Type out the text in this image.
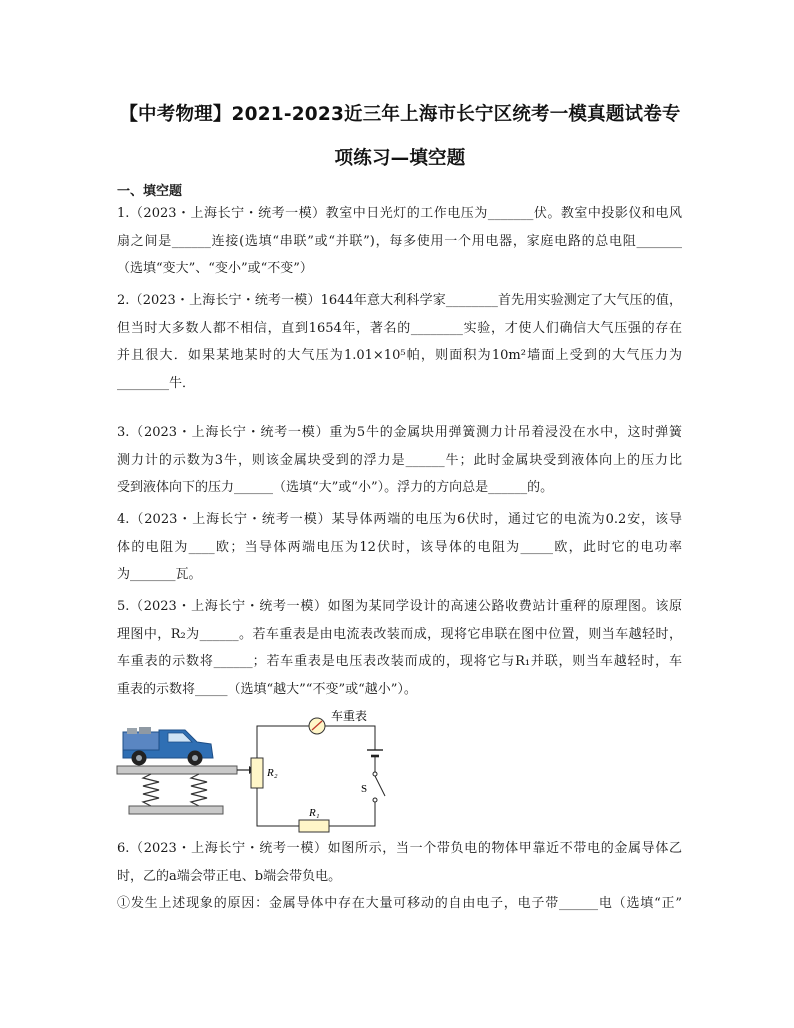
【中考物理】2021-2023近三年上海市长宁区统考一模真题试卷专
项练习—填空题
一、填空题
1.（2023・上海长宁・统考一模）教室中日光灯的工作电压为_______伏。教室中投影仪和电风
扇之间是______连接(选填“串联”或“并联”)，每多使用一个用电器，家庭电路的总电阻_______
（选填“变大”、“变小”或“不变”）
2.（2023・上海长宁・统考一模）1644年意大利科学家________首先用实验测定了大气压的值，
但当时大多数人都不相信，直到1654年，著名的________实验，才使人们确信大气压强的存在
并且很大．如果某地某时的大气压为1.01×10⁵帕，则面积为10m²墙面上受到的大气压力为
________牛．
3.（2023・上海长宁・统考一模）重为5牛的金属块用弹簧测力计吊着浸没在水中，这时弹簧
测力计的示数为3牛，则该金属块受到的浮力是______牛；此时金属块受到液体向上的压力比
受到液体向下的压力______（选填“大”或“小”）。浮力的方向总是______的。
4.（2023・上海长宁・统考一模）某导体两端的电压为6伏时，通过它的电流为0.2安，该导
体的电阻为____欧；当导体两端电压为12伏时，该导体的电阻为_____欧，此时它的电功率
为_______瓦。
5.（2023・上海长宁・统考一模）如图为某同学设计的高速公路收费站计重秤的原理图。该原
理图中，R₂为______。若车重表是由电流表改装而成，现将它串联在图中位置，则当车越轻时，
车重表的示数将______；若车重表是电压表改装而成的，现将它与R₁并联，则当车越轻时，车
重表的示数将_____（选填“越大”“不变”或“越小”）。
R₂
车重表
S
R₁
6.（2023・上海长宁・统考一模）如图所示，当一个带负电的物体甲靠近不带电的金属导体乙
时，乙的a端会带正电、b端会带负电。
①发生上述现象的原因：金属导体中存在大量可移动的自由电子，电子带______电（选填“正”
